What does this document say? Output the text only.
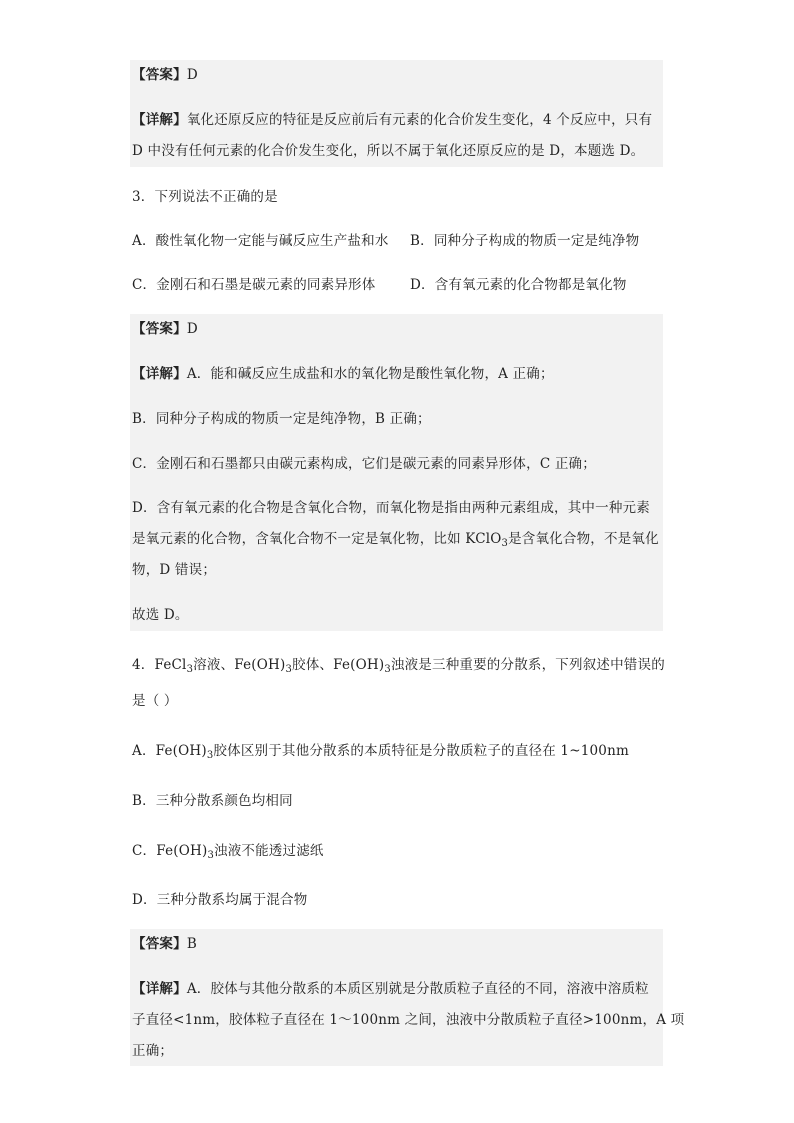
【答案】D
【详解】氧化还原反应的特征是反应前后有元素的化合价发生变化，4 个反应中，只有
D 中没有任何元素的化合价发生变化，所以不属于氧化还原反应的是 D，本题选 D。
3．下列说法不正确的是
A．酸性氧化物一定能与碱反应生产盐和水 B．同种分子构成的物质一定是纯净物
C．金刚石和石墨是碳元素的同素异形体	D．含有氧元素的化合物都是氧化物
【答案】D
【详解】A．能和碱反应生成盐和水的氧化物是酸性氧化物，A 正确；
B．同种分子构成的物质一定是纯净物，B 正确；
C．金刚石和石墨都只由碳元素构成，它们是碳元素的同素异形体，C 正确；
D．含有氧元素的化合物是含氧化合物，而氧化物是指由两种元素组成，其中一种元素
是氧元素的化合物，含氧化合物不一定是氧化物，比如 KClO$_3$是含氧化合物，不是氧化
物，D 错误；
故选 D。
4．FeCl$_3$溶液、$Fe(OH)_3$胶体、$Fe(OH)_3$浊液是三种重要的分散系，下列叙述中错误的
是（ ）
A．$Fe(OH)_3$胶体区别于其他分散系的本质特征是分散质粒子的直径在 1~100nm
B．三种分散系颜色均相同
C．$Fe(OH)_3$浊液不能透过滤纸
D．三种分散系均属于混合物
【答案】B
【详解】A．胶体与其他分散系的本质区别就是分散质粒子直径的不同，溶液中溶质粒
子直径<1nm，胶体粒子直径在 1～100nm 之间，浊液中分散质粒子直径>100nm，A 项
正确；
